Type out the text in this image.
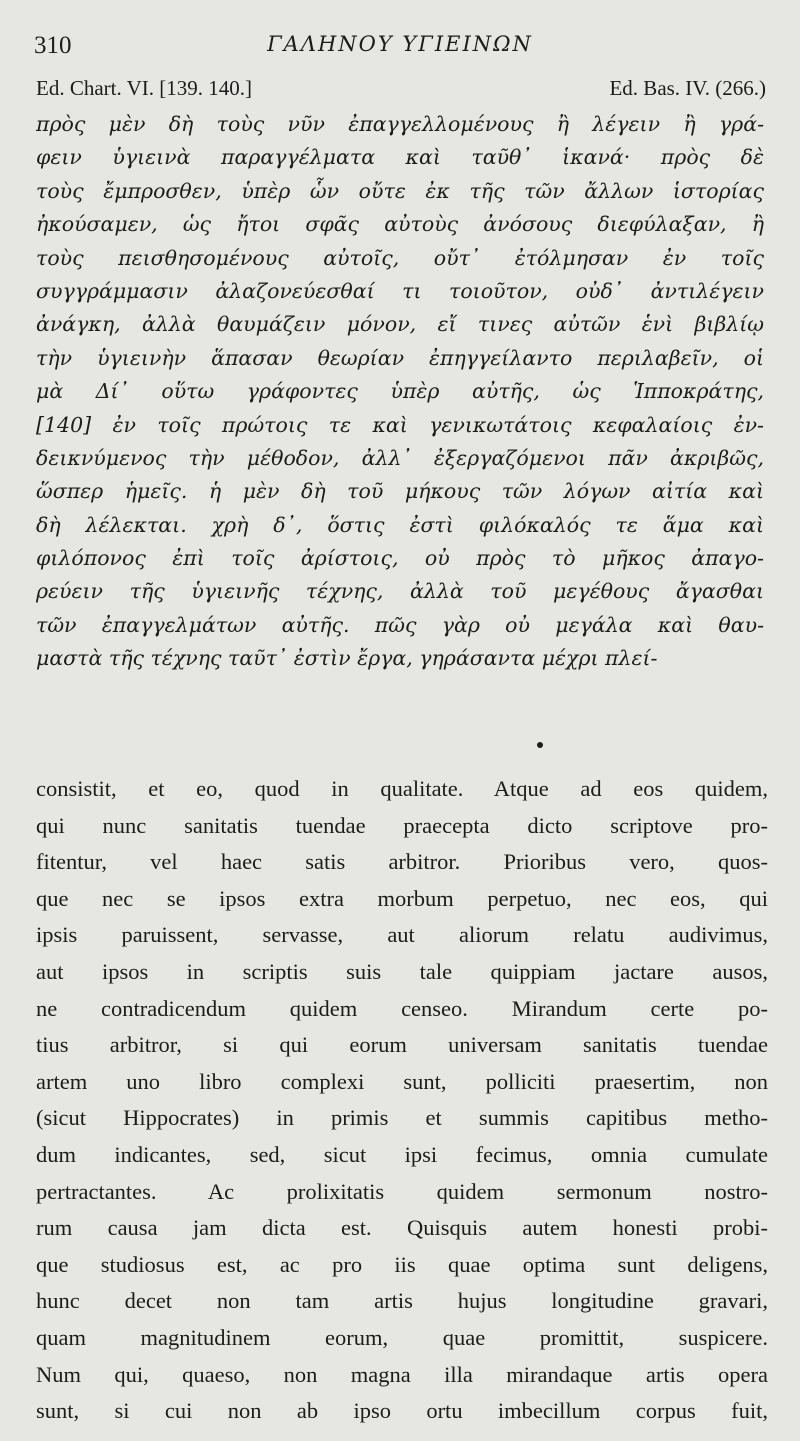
310	ΓΑΛΗΝΟΥ ΥΓΙΕΙΝΩΝ
Ed. Chart. VI. [139. 140.]	Ed. Bas. IV. (266.)
πρὸς μὲν δὴ τοὺς νῦν ἐπαγγελλομένους ἢ λέγειν ἢ γρά-
φειν ὑγιεινὰ παραγγέλματα καὶ ταῦθ᾽ ἱκανά· πρὸς δὲ
τοὺς ἔμπροσθεν, ὑπὲρ ὧν οὔτε ἐκ τῆς τῶν ἄλλων ἱστορίας
ἠκούσαμεν, ὡς ἤτοι σφᾶς αὐτοὺς ἀνόσους διεφύλαξαν, ἢ
τοὺς πεισθησομένους αὐτοῖς, οὔτ᾽ ἐτόλμησαν ἐν τοῖς
συγγράμμασιν ἀλαζονεύεσθαί τι τοιοῦτον, οὐδ᾽ ἀντιλέγειν
ἀνάγκη, ἀλλὰ θαυμάζειν μόνον, εἴ τινες αὐτῶν ἑνὶ βιβλίῳ
τὴν ὑγιεινὴν ἅπασαν θεωρίαν ἐπηγγείλαντο περιλαβεῖν, οἱ
μὰ Δί᾽ οὕτω γράφοντες ὑπὲρ αὐτῆς, ὡς Ἱπποκράτης,
[140] ἐν τοῖς πρώτοις τε καὶ γενικωτάτοις κεφαλαίοις ἐν-
δεικνύμενος τὴν μέθοδον, ἀλλ᾽ ἐξεργαζόμενοι πᾶν ἀκριβῶς,
ὥσπερ ἡμεῖς. ἡ μὲν δὴ τοῦ μήκους τῶν λόγων αἰτία καὶ
δὴ λέλεκται. χρὴ δ᾽, ὅστις ἐστὶ φιλόκαλός τε ἅμα καὶ
φιλόπονος ἐπὶ τοῖς ἀρίστοις, οὐ πρὸς τὸ μῆκος ἀπαγο-
ρεύειν τῆς ὑγιεινῆς τέχνης, ἀλλὰ τοῦ μεγέθους ἄγασθαι
τῶν ἐπαγγελμάτων αὐτῆς. πῶς γὰρ οὐ μεγάλα καὶ θαυ-
μαστὰ τῆς τέχνης ταῦτ᾽ ἐστὶν ἔργα, γηράσαντα μέχρι πλεί-
consistit, et eo, quod in qualitate. Atque ad eos quidem,
qui nunc sanitatis tuendae praecepta dicto scriptove pro-
fitentur, vel haec satis arbitror. Prioribus vero, quos-
que nec se ipsos extra morbum perpetuo, nec eos, qui
ipsis paruissent, servasse, aut aliorum relatu audivimus,
aut ipsos in scriptis suis tale quippiam jactare ausos,
ne contradicendum quidem censeo. Mirandum certe po-
tius arbitror, si qui eorum universam sanitatis tuendae
artem uno libro complexi sunt, polliciti praesertim, non
(sicut Hippocrates) in primis et summis capitibus metho-
dum indicantes, sed, sicut ipsi fecimus, omnia cumulate
pertractantes. Ac prolixitatis quidem sermonum nostro-
rum causa jam dicta est. Quisquis autem honesti probi-
que studiosus est, ac pro iis quae optima sunt deligens,
hunc decet non tam artis hujus longitudine gravari,
quam magnitudinem eorum, quae promittit, suspicere.
Num qui, quaeso, non magna illa mirandaque artis opera
sunt, si cui non ab ipso ortu imbecillum corpus fuit,
